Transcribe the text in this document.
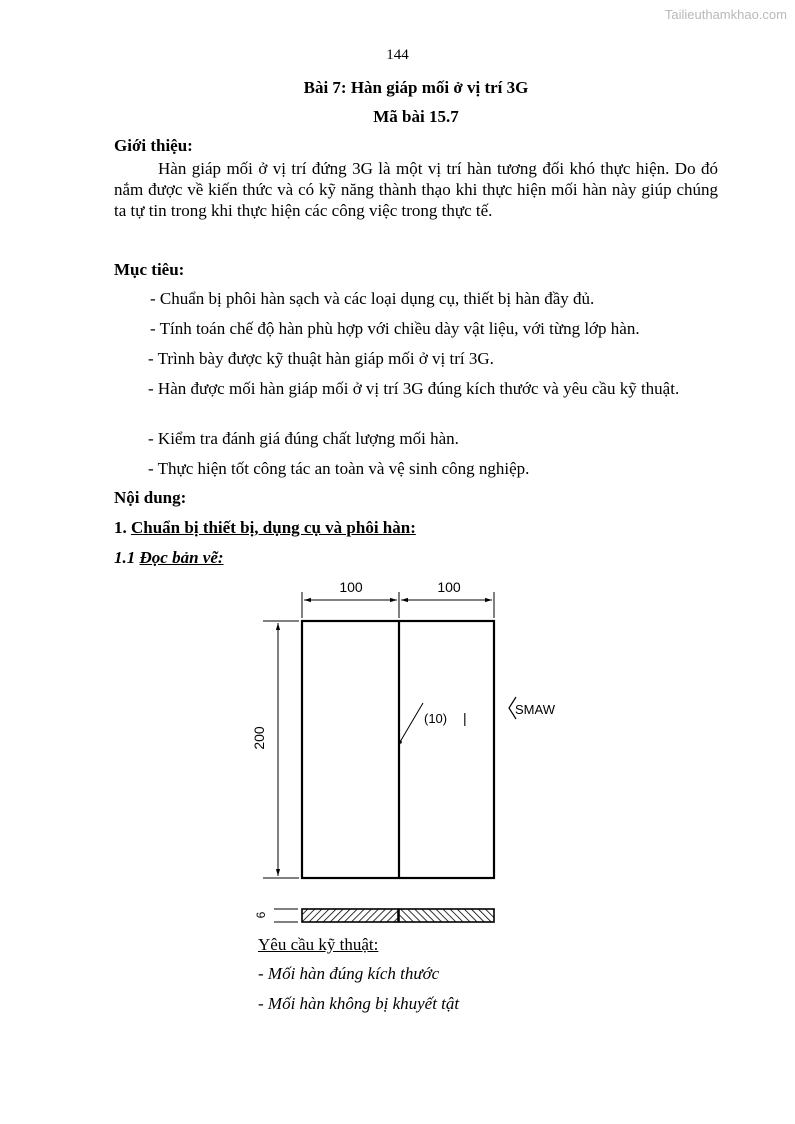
Tailieuthamkhao.com
144
Bài 7: Hàn giáp mối ở vị trí 3G
Mã bài 15.7
Giới thiệu:
Hàn giáp mối ở vị trí đứng 3G là một vị trí hàn tương đối khó thực hiện. Do đó nắm được về kiến thức và có kỹ năng thành thạo khi thực hiện mối hàn này giúp chúng ta tự tin trong khi thực hiện các công việc trong thực tế.
Mục tiêu:
- Chuẩn bị phôi hàn sạch và các loại dụng cụ, thiết bị hàn đầy đủ.
- Tính toán chế độ hàn phù hợp với chiều dày vật liệu, với từng lớp hàn.
- Trình bày được kỹ thuật hàn giáp mối ở vị trí 3G.
- Hàn được mối hàn giáp mối ở vị trí 3G đúng kích thước và yêu cầu kỹ thuật.
- Kiểm tra đánh giá đúng chất lượng mối hàn.
- Thực hiện tốt công tác an toàn và vệ sinh công nghiệp.
Nội dung:
1. Chuẩn bị thiết bị, dụng cụ và phôi hàn:
1.1 Đọc bản vẽ:
100	100
200
(10) |
SMAW
6
Yêu cầu kỹ thuật:
- Mối hàn đúng kích thước
- Mối hàn không bị khuyết tật
